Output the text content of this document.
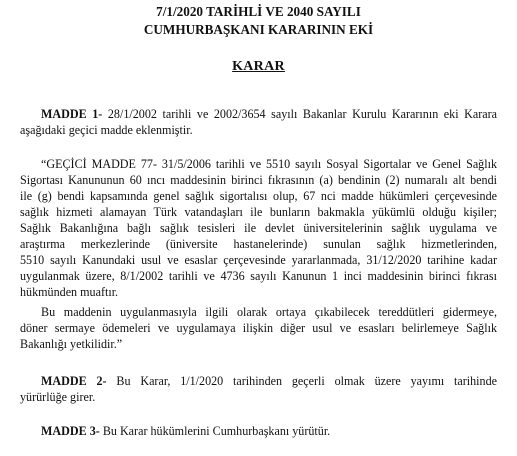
7/1/2020 TARİHLİ VE 2040 SAYILI
CUMHURBAŞKANI KARARININ EKİ
KARAR
MADDE 1- 28/1/2002 tarihli ve 2002/3654 sayılı Bakanlar Kurulu Kararının eki Karara
aşağıdaki geçici madde eklenmiştir.
“GEÇİCİ MADDE 77- 31/5/2006 tarihli ve 5510 sayılı Sosyal Sigortalar ve Genel Sağlık
Sigortası Kanununun 60 ıncı maddesinin birinci fıkrasının (a) bendinin (2) numaralı alt bendi
ile (g) bendi kapsamında genel sağlık sigortalısı olup, 67 nci madde hükümleri çerçevesinde
sağlık hizmeti alamayan Türk vatandaşları ile bunların bakmakla yükümlü olduğu kişiler;
Sağlık Bakanlığına bağlı sağlık tesisleri ile devlet üniversitelerinin sağlık uygulama ve
araştırma merkezlerinde (üniversite hastanelerinde) sunulan sağlık hizmetlerinden,
5510 sayılı Kanundaki usul ve esaslar çerçevesinde yararlanmada, 31/12/2020 tarihine kadar
uygulanmak üzere, 8/1/2002 tarihli ve 4736 sayılı Kanunun 1 inci maddesinin birinci fıkrası
hükmünden muaftır.
Bu maddenin uygulanmasıyla ilgili olarak ortaya çıkabilecek tereddütleri gidermeye,
döner sermaye ödemeleri ve uygulamaya ilişkin diğer usul ve esasları belirlemeye Sağlık
Bakanlığı yetkilidir.”
MADDE 2- Bu Karar, 1/1/2020 tarihinden geçerli olmak üzere yayımı tarihinde
yürürlüğe girer.
MADDE 3- Bu Karar hükümlerini Cumhurbaşkanı yürütür.
